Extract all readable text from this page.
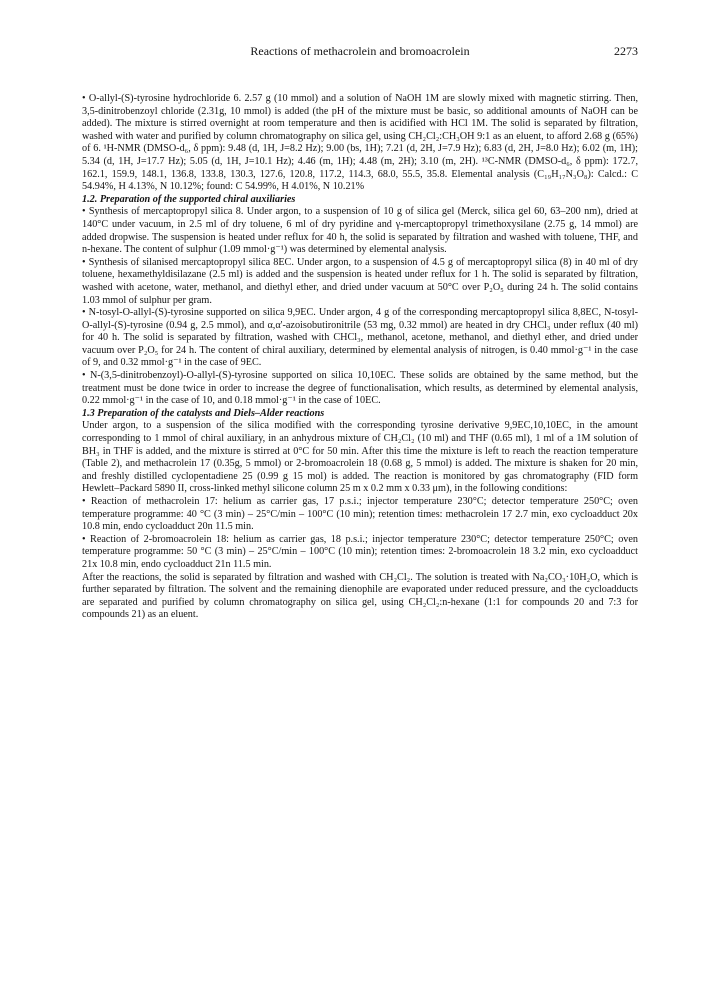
Reactions of methacrolein and bromoacrolein	2273

• O-allyl-(S)-tyrosine hydrochloride 6. 2.57 g (10 mmol) and a solution of NaOH 1M are slowly mixed with magnetic stirring. Then, 3,5-dinitrobenzoyl chloride (2.31g, 10 mmol) is added (the pH of the mixture must be basic, so additional amounts of NaOH can be added). The mixture is stirred overnight at room temperature and then is acidified with HCl 1M. The solid is separated by filtration, washed with water and purified by column chromatography on silica gel, using CH₂Cl₂:CH₃OH 9:1 as an eluent, to afford 2.68 g (65%) of 6. ¹H-NMR (DMSO-d₆, δ ppm): 9.48 (d, 1H, J=8.2 Hz); 9.00 (bs, 1H); 7.21 (d, 2H, J=7.9 Hz); 6.83 (d, 2H, J=8.0 Hz); 6.02 (m, 1H); 5.34 (d, 1H, J=17.7 Hz); 5.05 (d, 1H, J=10.1 Hz); 4.46 (m, 1H); 4.48 (m, 2H); 3.10 (m, 2H). ¹³C-NMR (DMSO-d₆, δ ppm): 172.7, 162.1, 159.9, 148.1, 136.8, 133.8, 130.3, 127.6, 120.8, 117.2, 114.3, 68.0, 55.5, 35.8. Elemental analysis (C₁₉H₁₇N₃O₈): Calcd.: C 54.94%, H 4.13%, N 10.12%; found: C 54.99%, H 4.01%, N 10.21%

1.2. Preparation of the supported chiral auxiliaries

• Synthesis of mercaptopropyl silica 8. Under argon, to a suspension of 10 g of silica gel (Merck, silica gel 60, 63–200 nm), dried at 140°C under vacuum, in 2.5 ml of dry toluene, 6 ml of dry pyridine and γ-mercaptopropyl trimethoxysilane (2.75 g, 14 mmol) are added dropwise. The suspension is heated under reflux for 40 h, the solid is separated by filtration and washed with toluene, THF, and n-hexane. The content of sulphur (1.09 mmol·g⁻¹) was determined by elemental analysis.

• Synthesis of silanised mercaptopropyl silica 8EC. Under argon, to a suspension of 4.5 g of mercaptopropyl silica (8) in 40 ml of dry toluene, hexamethyldisilazane (2.5 ml) is added and the suspension is heated under reflux for 1 h. The solid is separated by filtration, washed with acetone, water, methanol, and diethyl ether, and dried under vacuum at 50°C over P₂O₅ during 24 h. The solid contains 1.03 mmol of sulphur per gram.

• N-tosyl-O-allyl-(S)-tyrosine supported on silica 9,9EC. Under argon, 4 g of the corresponding mercaptopropyl silica 8,8EC, N-tosyl-O-allyl-(S)-tyrosine (0.94 g, 2.5 mmol), and α,α'-azoisobutironitrile (53 mg, 0.32 mmol) are heated in dry CHCl₃ under reflux (40 ml) for 40 h. The solid is separated by filtration, washed with CHCl₃, methanol, acetone, methanol, and diethyl ether, and dried under vacuum over P₂O₅ for 24 h. The content of chiral auxiliary, determined by elemental analysis of nitrogen, is 0.40 mmol·g⁻¹ in the case of 9, and 0.32 mmol·g⁻¹ in the case of 9EC.

• N-(3,5-dinitrobenzoyl)-O-allyl-(S)-tyrosine supported on silica 10,10EC. These solids are obtained by the same method, but the treatment must be done twice in order to increase the degree of functionalisation, which results, as determined by elemental analysis, 0.22 mmol·g⁻¹ in the case of 10, and 0.18 mmol·g⁻¹ in the case of 10EC.

1.3 Preparation of the catalysts and Diels–Alder reactions

Under argon, to a suspension of the silica modified with the corresponding tyrosine derivative 9,9EC,10,10EC, in the amount corresponding to 1 mmol of chiral auxiliary, in an anhydrous mixture of CH₂Cl₂ (10 ml) and THF (0.65 ml), 1 ml of a 1M solution of BH₃ in THF is added, and the mixture is stirred at 0°C for 50 min. After this time the mixture is left to reach the reaction temperature (Table 2), and methacrolein 17 (0.35g, 5 mmol) or 2-bromoacrolein 18 (0.68 g, 5 mmol) is added. The mixture is shaken for 20 min, and freshly distilled cyclopentadiene 25 (0.99 g 15 mol) is added. The reaction is monitored by gas chromatography (FID form Hewlett–Packard 5890 II, cross-linked methyl silicone column 25 m x 0.2 mm x 0.33 μm), in the following conditions:

• Reaction of methacrolein 17: helium as carrier gas, 17 p.s.i.; injector temperature 230°C; detector temperature 250°C; oven temperature programme: 40 °C (3 min) – 25°C/min – 100°C (10 min); retention times: methacrolein 17 2.7 min, exo cycloadduct 20x 10.8 min, endo cycloadduct 20n 11.5 min.

• Reaction of 2-bromoacrolein 18: helium as carrier gas, 18 p.s.i.; injector temperature 230°C; detector temperature 250°C; oven temperature programme: 50 °C (3 min) – 25°C/min – 100°C (10 min); retention times: 2-bromoacrolein 18 3.2 min, exo cycloadduct 21x 10.8 min, endo cycloadduct 21n 11.5 min.

After the reactions, the solid is separated by filtration and washed with CH₂Cl₂. The solution is treated with Na₂CO₃·10H₂O, which is further separated by filtration. The solvent and the remaining dienophile are evaporated under reduced pressure, and the cycloadducts are separated and purified by column chromatography on silica gel, using CH₂Cl₂:n-hexane (1:1 for compounds 20 and 7:3 for compounds 21) as an eluent.
